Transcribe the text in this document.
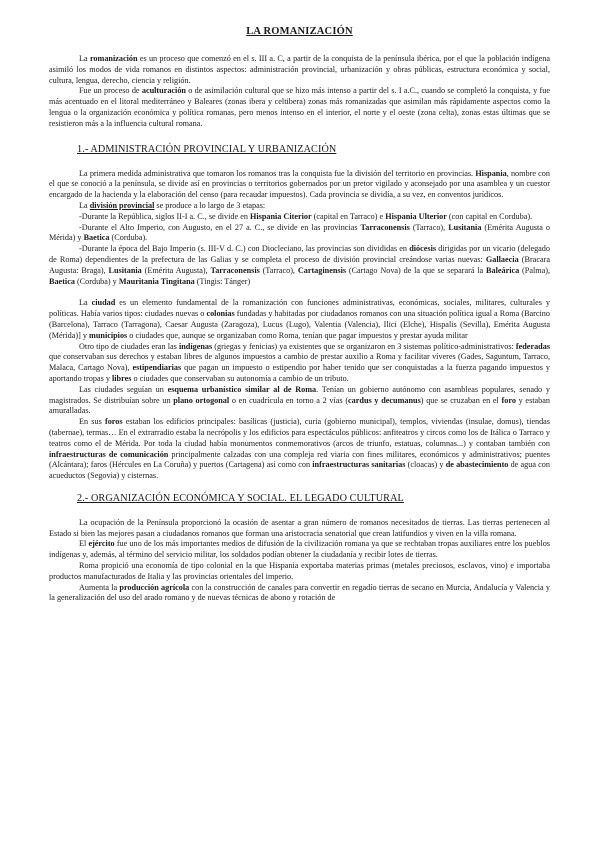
LA ROMANIZACIÓN

La romanización es un proceso que comenzó en el s. III a. C, a partir de la conquista de la península ibérica, por el que la población indígena asimiló los modos de vida romanos en distintos aspectos: administración provincial, urbanización y obras públicas, estructura económica y social, cultura, lengua, derecho, ciencia y religión.

Fue un proceso de aculturación o de asimilación cultural que se hizo más intenso a partir del s. I a.C., cuando se completó la conquista, y fue más acentuado en el litoral mediterráneo y Baleares (zonas ibera y celtibera) zonas más romanizadas que asimilan más rápidamente aspectos como la lengua o la organización económica y política romanas, pero menos intenso en el interior, el norte y el oeste (zona celta), zonas estas últimas que se resistieron más a la influencia cultural romana.

1.- ADMINISTRACIÓN PROVINCIAL Y URBANIZACIÓN

La primera medida administrativa que tomaron los romanos tras la conquista fue la división del territorio en provincias. Hispania, nombre con el que se conoció a la península, se divide así en provincias o territorios gobernados por un pretor vigilado y aconsejado por una asamblea y un cuestor encargado de la hacienda y la elaboración del censo (para recaudar impuestos). Cada provincia se dividía, a su vez, en conventos jurídicos.

La división provincial se produce a lo largo de 3 etapas:

-Durante la República, siglos II-I a. C., se divide en Hispania Citerior (capital en Tarraco) e Hispania Ulterior (con capital en Corduba).

-Durante el Alto Imperio, con Augusto, en el 27 a. C., se divide en las provincias Tarraconensis (Tarraco), Lusitania (Emérita Augusta o Mérida) y Baetica (Corduba).

-Durante la época del Bajo Imperio (s. III-V d. C.) con Diocleciano, las provincias son divididas en diócesis dirigidas por un vicario (delegado de Roma) dependientes de la prefectura de las Galias y se completa el proceso de división provincial creándose varias nuevas: Gallaecia (Bracara Augusta: Braga), Lusitania (Emérita Augusta), Tarraconensis (Tarraco), Cartaginensis (Cartago Nova) de la que se separará la Baleárica (Palma), Baetica (Corduba) y Mauritania Tingitana (Tingis: Tánger)

La ciudad es un elemento fundamental de la romanización con funciones administrativas, económicas, sociales, militares, culturales y políticas. Había varios tipos: ciudades nuevas o colonias fundadas y habitadas por ciudadanos romanos con una situación política igual a Roma (Barcino (Barcelona), Tarraco (Tarragona), Caesar Augusta (Zaragoza), Lucus (Lugo), Valentia (Valencia), Ilici (Elche), Hispalis (Sevilla), Emérita Augusta (Mérida)] y municipios o ciudades que, aunque se organizaban como Roma, tenían que pagar impuestos y prestar ayuda militar

Otro tipo de ciudades eran las indígenas (griegas y fenicias) ya existentes que se organizaron en 3 sistemas político-administrativos: federadas que conservaban sus derechos y estaban libres de algunos impuestos a cambio de prestar auxilio a Roma y facilitar víveres (Gades, Saguntum, Tarraco, Malaca, Cartago Nova), estipendiarias que pagan un impuesto o estipendio por haber tenido que ser conquistadas a la fuerza pagando impuestos y aportando tropas y libres o ciudades que conservaban su autonomía a cambio de un tributo.

Las ciudades seguían un esquema urbanístico similar al de Roma. Tenían un gobierno autónomo con asambleas populares, senado y magistrados. Se distribuían sobre un plano ortogonal o en cuadrícula en torno a 2 vías (cardus y decumanus) que se cruzaban en el foro y estaban amuralladas.

En sus foros estaban los edificios principales: basílicas (justicia), curia (gobierno municipal), templos, viviendas (insulae, domus), tiendas (tabernae), termas… En el extrarradio estaba la necrópolis y los edificios para espectáculos públicos: anfiteatros y circos como los de Itálica o Tarraco y teatros como el de Mérida. Por toda la ciudad había monumentos conmemorativos (arcos de triunfo, estatuas, columnas...) y contaban también con infraestructuras de comunicación principalmente calzadas con una compleja red viaria con fines militares, económicos y administrativos; puentes (Alcántara); faros (Hércules en La Coruña) y puertos (Cartagena) así como con infraestructuras sanitarias (cloacas) y de abastecimiento de agua con acueductos (Segovia) y cisternas.

2.- ORGANIZACIÓN ECONÓMICA Y SOCIAL. EL LEGADO CULTURAL

La ocupación de la Península proporcionó la ocasión de asentar a gran número de romanos necesitados de tierras. Las tierras pertenecen al Estado si bien las mejores pasan a ciudadanos romanos que forman una aristocracia senatorial que crean latifundios y viven en la villa romana.

El ejército fue uno de los más importantes medios de difusión de la civilización romana ya que se rechtaban tropas auxiliares entre los pueblos indígenas y, además, al término del servicio militar, los soldados podían obtener la ciudadanía y recibir lotes de tierras.

Roma propició una economía de tipo colonial en la que Hispania exportaba materias primas (metales preciosos, esclavos, vino) e importaba productos manufacturados de Italia y las provincias orientales del imperio.

Aumenta la producción agrícola con la construcción de canales para convertir en regadío tierras de secano en Murcia, Andalucía y Valencia y la generalización del uso del arado romano y de nuevas técnicas de abono y rotación de
